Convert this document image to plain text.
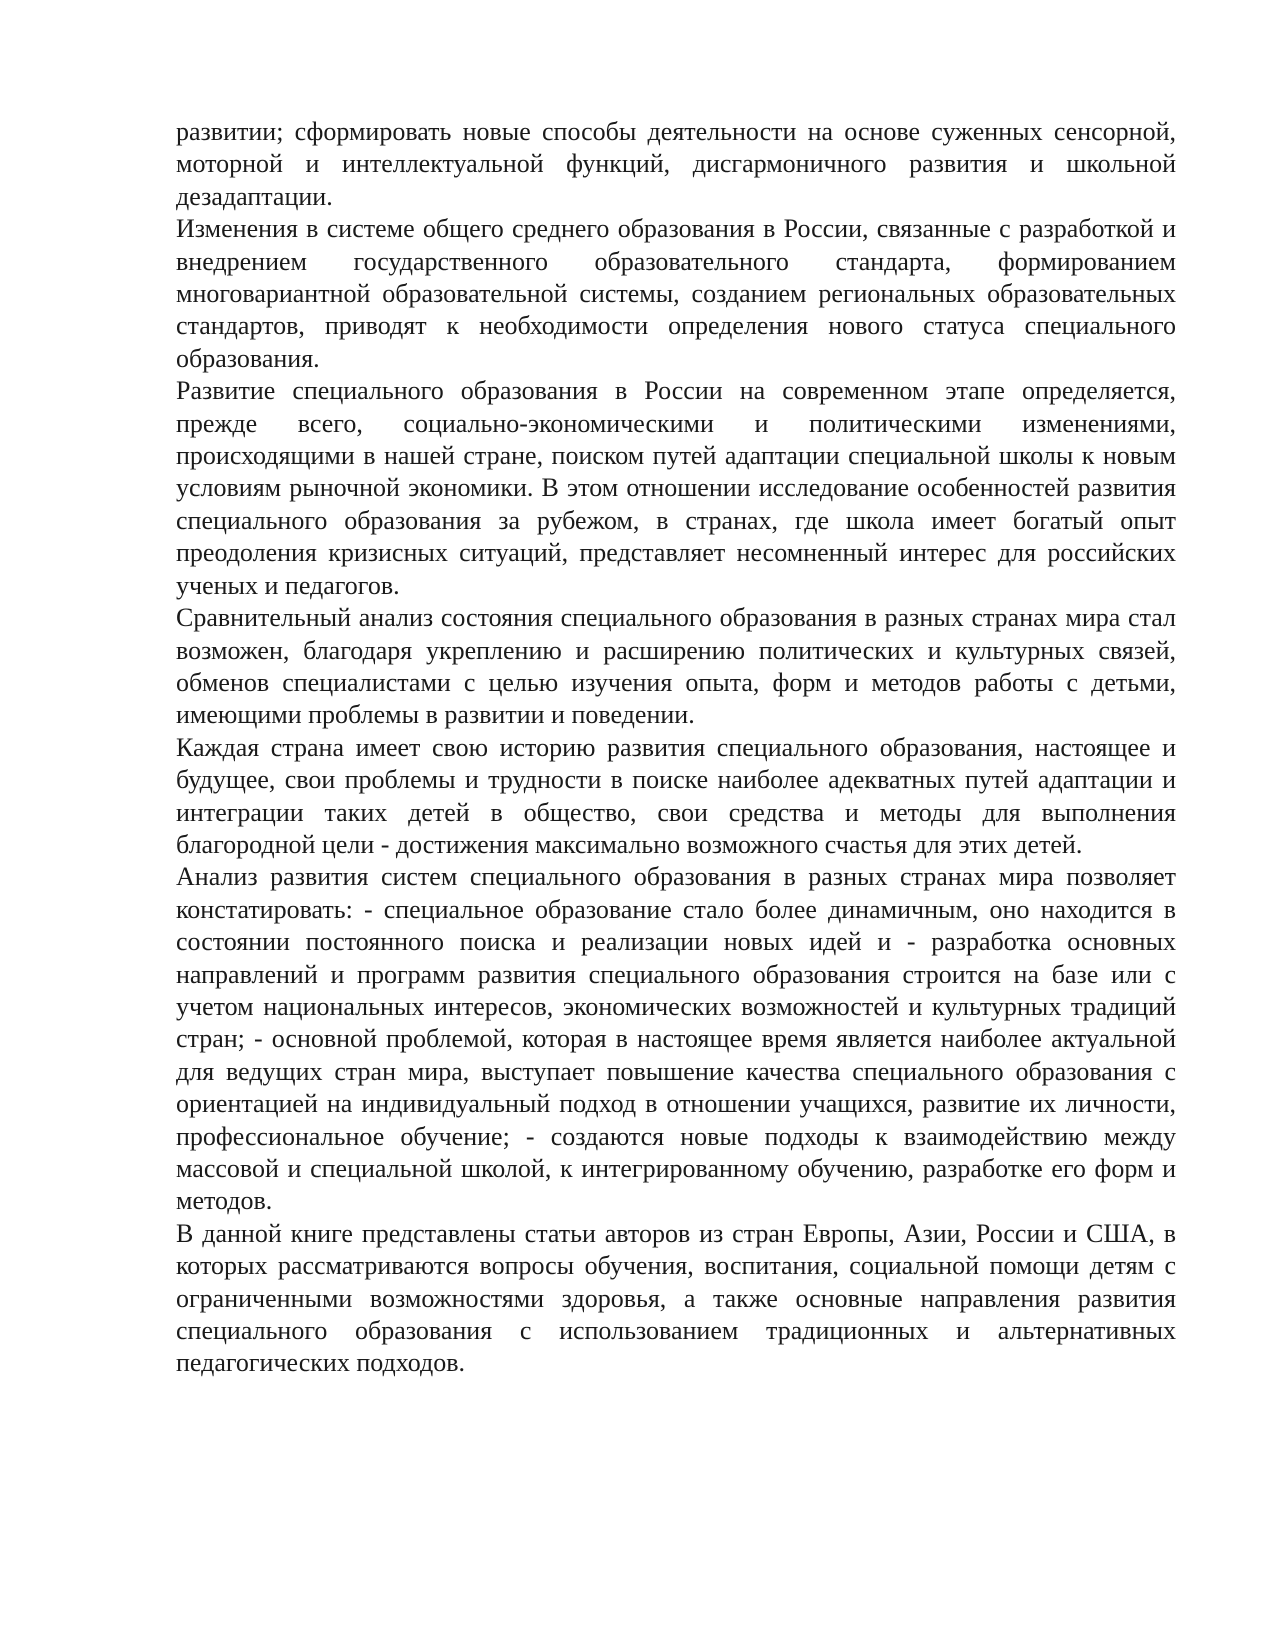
развитии; сформировать новые способы деятельности на основе суженных сенсорной, моторной и интеллектуальной функций, дисгармоничного развития и школьной дезадаптации.

Изменения в системе общего среднего образования в России, связанные с разработкой и внедрением государственного образовательного стандарта, формированием многовариантной образовательной системы, созданием региональных образовательных стандартов, приводят к необходимости определения нового статуса специального образования.

Развитие специального образования в России на современном этапе определяется, прежде всего, социально-экономическими и политическими изменениями, происходящими в нашей стране, поиском путей адаптации специальной школы к новым условиям рыночной экономики. В этом отношении исследование особенностей развития специального образования за рубежом, в странах, где школа имеет богатый опыт преодоления кризисных ситуаций, представляет несомненный интерес для российских ученых и педагогов.

Сравнительный анализ состояния специального образования в разных странах мира стал возможен, благодаря укреплению и расширению политических и культурных связей, обменов специалистами с целью изучения опыта, форм и методов работы с детьми, имеющими проблемы в развитии и поведении.

Каждая страна имеет свою историю развития специального образования, настоящее и будущее, свои проблемы и трудности в поиске наиболее адекватных путей адаптации и интеграции таких детей в общество, свои средства и методы для выполнения благородной цели - достижения максимально возможного счастья для этих детей.

Анализ развития систем специального образования в разных странах мира позволяет констатировать: - специальное образование стало более динамичным, оно находится в состоянии постоянного поиска и реализации новых идей и - разработка основных направлений и программ развития специального образования строится на базе или с учетом национальных интересов, экономических возможностей и культурных традиций стран; - основной проблемой, которая в настоящее время является наиболее актуальной для ведущих стран мира, выступает повышение качества специального образования с ориентацией на индивидуальный подход в отношении учащихся, развитие их личности, профессиональное обучение; - создаются новые подходы к взаимодействию между массовой и специальной школой, к интегрированному обучению, разработке его форм и методов.

В данной книге представлены статьи авторов из стран Европы, Азии, России и США, в которых рассматриваются вопросы обучения, воспитания, социальной помощи детям с ограниченными возможностями здоровья, а также основные направления развития специального образования с использованием традиционных и альтернативных педагогических подходов.
